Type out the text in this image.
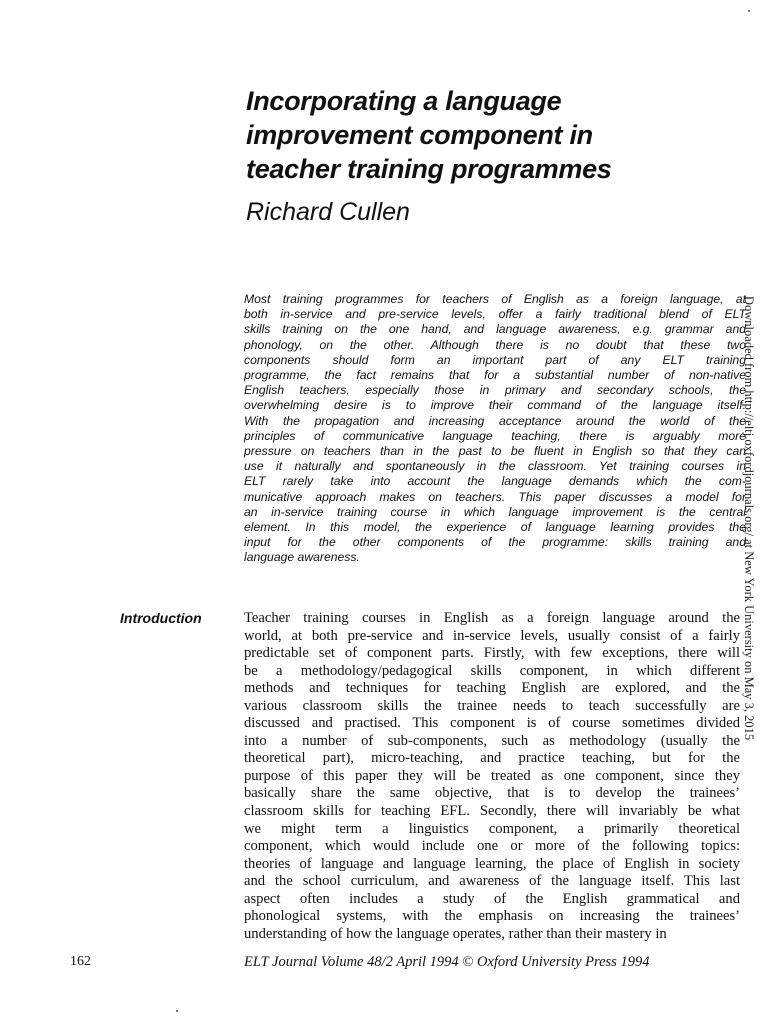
Incorporating a language
improvement component in
teacher training programmes
Richard Cullen
Most training programmes for teachers of English as a foreign language, at
both in-service and pre-service levels, offer a fairly traditional blend of ELT
skills training on the one hand, and language awareness, e.g. grammar and
phonology, on the other. Although there is no doubt that these two
components should form an important part of any ELT training
programme, the fact remains that for a substantial number of non-native
English teachers, especially those in primary and secondary schools, the
overwhelming desire is to improve their command of the language itself.
With the propagation and increasing acceptance around the world of the
principles of communicative language teaching, there is arguably more
pressure on teachers than in the past to be fluent in English so that they can
use it naturally and spontaneously in the classroom. Yet training courses in
ELT rarely take into account the language demands which the com-
municative approach makes on teachers. This paper discusses a model for
an in-service training course in which language improvement is the central
element. In this model, the experience of language learning provides the
input for the other components of the programme: skills training and
language awareness.
Introduction	Teacher training courses in English as a foreign language around the
world, at both pre-service and in-service levels, usually consist of a fairly
predictable set of component parts. Firstly, with few exceptions, there will
be a methodology/pedagogical skills component, in which different
methods and techniques for teaching English are explored, and the
various classroom skills the trainee needs to teach successfully are
discussed and practised. This component is of course sometimes divided
into a number of sub-components, such as methodology (usually the
theoretical part), micro-teaching, and practice teaching, but for the
purpose of this paper they will be treated as one component, since they
basically share the same objective, that is to develop the trainees’
classroom skills for teaching EFL. Secondly, there will invariably be what
we might term a linguistics component, a primarily theoretical
component, which would include one or more of the following topics:
theories of language and language learning, the place of English in society
and the school curriculum, and awareness of the language itself. This last
aspect often includes a study of the English grammatical and
phonological systems, with the emphasis on increasing the trainees’
understanding of how the language operates, rather than their mastery in
162	ELT Journal Volume 48/2 April 1994 © Oxford University Press 1994
Downloaded from http://eltj.oxfordjournals.org/ at New York University on May 3, 2015
